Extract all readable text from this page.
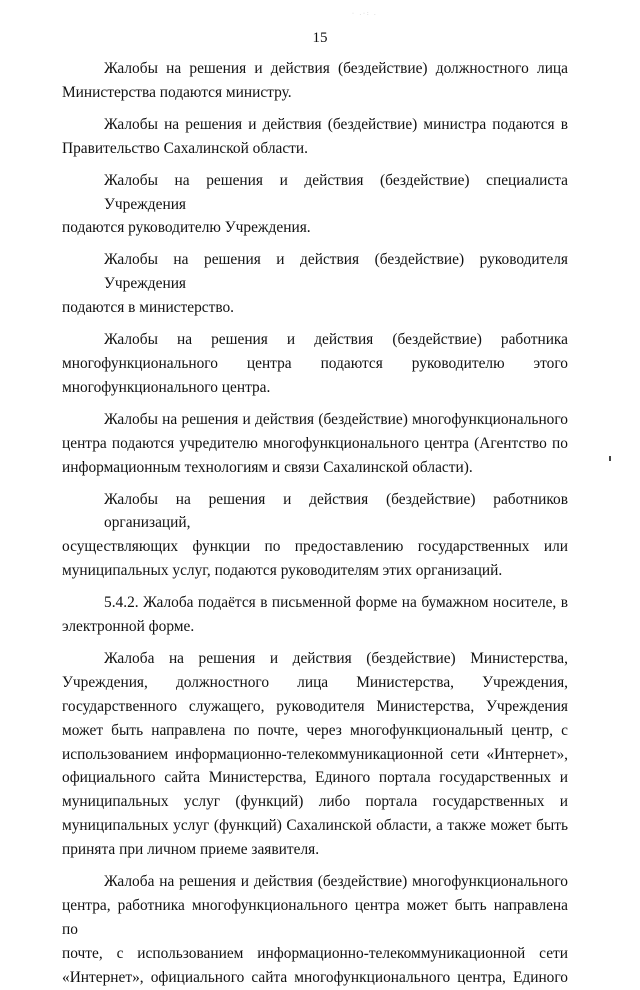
· .·: .
15
Жалобы на решения и действия (бездействие) должностного лица
Министерства подаются министру.
Жалобы на решения и действия (бездействие) министра подаются в
Правительство Сахалинской области.
Жалобы на решения и действия (бездействие) специалиста Учреждения
подаются руководителю Учреждения.
Жалобы на решения и действия (бездействие) руководителя Учреждения
подаются в министерство.
Жалобы на решения и действия (бездействие) работника
многофункционального центра подаются руководителю этого
многофункционального центра.
Жалобы на решения и действия (бездействие) многофункционального
центра подаются учредителю многофункционального центра (Агентство по
информационным технологиям и связи Сахалинской области).
Жалобы на решения и действия (бездействие) работников организаций,
осуществляющих функции по предоставлению государственных или
муниципальных услуг, подаются руководителям этих организаций.
5.4.2. Жалоба подаётся в письменной форме на бумажном носителе, в
электронной форме.
Жалоба на решения и действия (бездействие) Министерства,
Учреждения, должностного лица Министерства, Учреждения,
государственного служащего, руководителя Министерства, Учреждения
может быть направлена по почте, через многофункциональный центр, с
использованием информационно-телекоммуникационной сети «Интернет»,
официального сайта Министерства, Единого портала государственных и
муниципальных услуг (функций) либо портала государственных и
муниципальных услуг (функций) Сахалинской области, а также может быть
принята при личном приеме заявителя.
Жалоба на решения и действия (бездействие) многофункционального
центра, работника многофункционального центра может быть направлена по
почте, с использованием информационно-телекоммуникационной сети
«Интернет», официального сайта многофункционального центра, Единого
